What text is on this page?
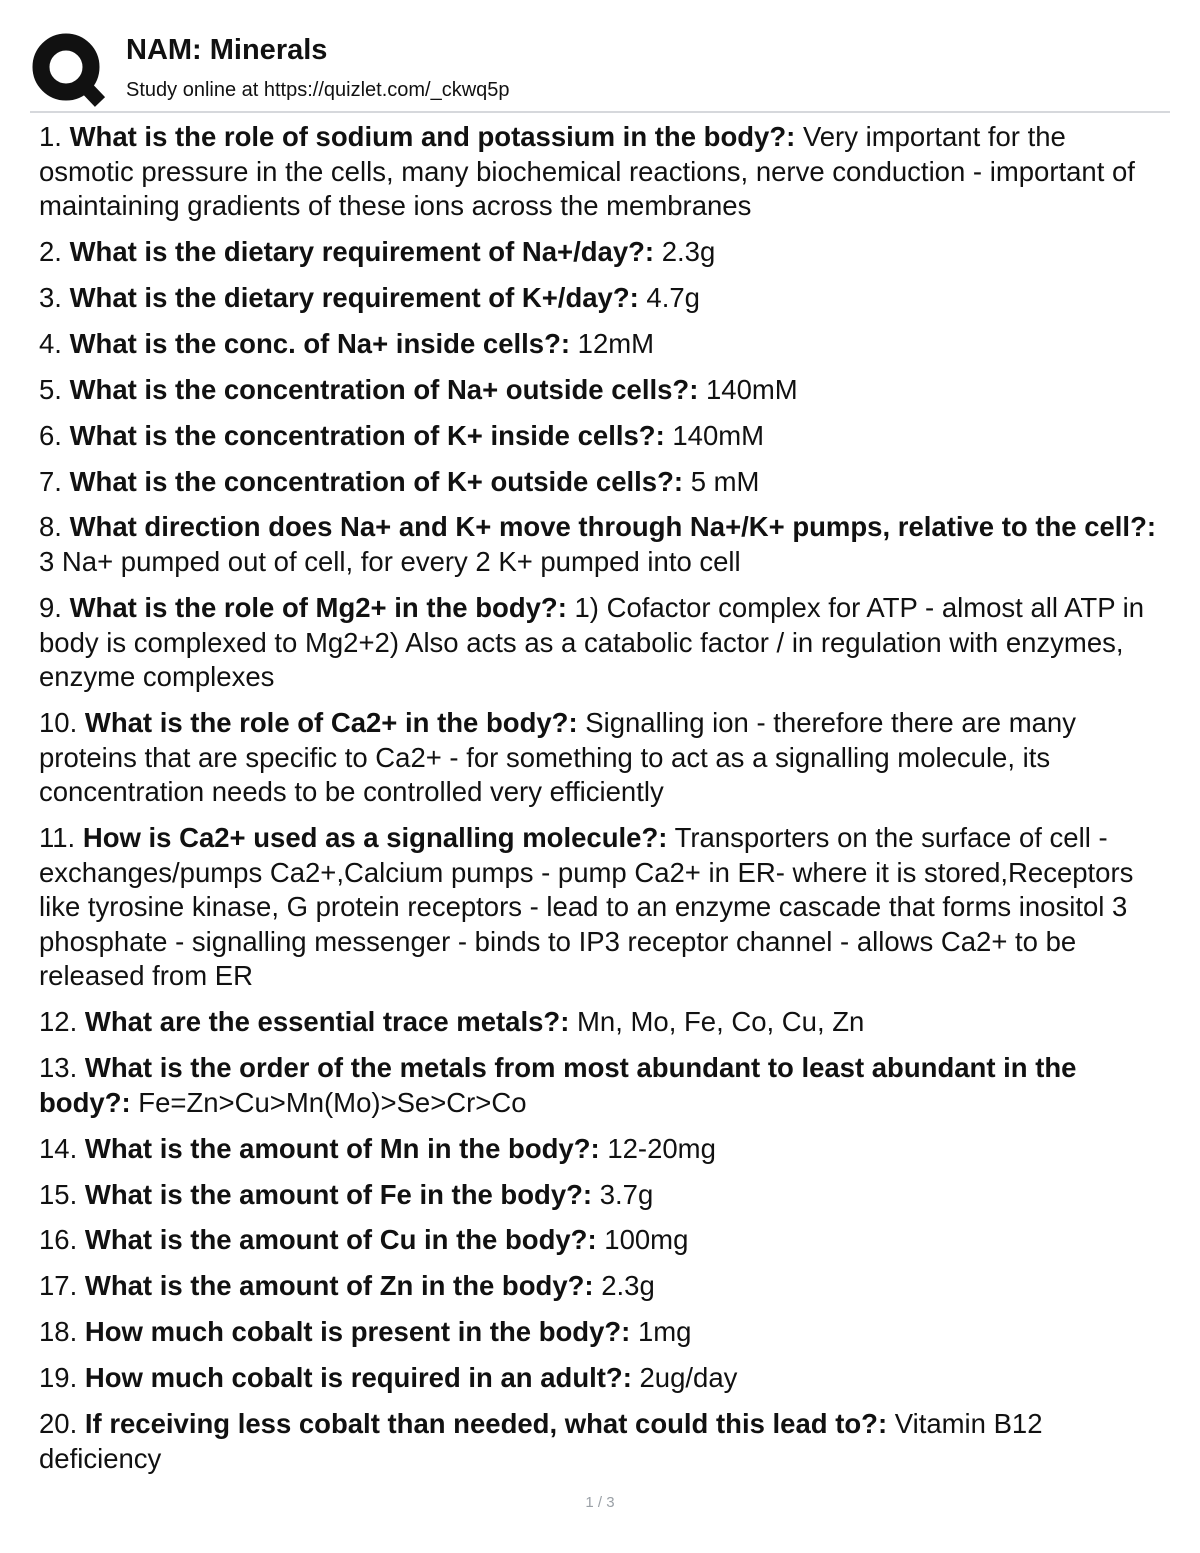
NAM: Minerals
Study online at https://quizlet.com/_ckwq5p
1. What is the role of sodium and potassium in the body?: Very important for the osmotic pressure in the cells, many biochemical reactions, nerve conduction - important of maintaining gradients of these ions across the membranes
2. What is the dietary requirement of Na+/day?: 2.3g
3. What is the dietary requirement of K+/day?: 4.7g
4. What is the conc. of Na+ inside cells?: 12mM
5. What is the concentration of Na+ outside cells?: 140mM
6. What is the concentration of K+ inside cells?: 140mM
7. What is the concentration of K+ outside cells?: 5 mM
8. What direction does Na+ and K+ move through Na+/K+ pumps, relative to the cell?: 3 Na+ pumped out of cell, for every 2 K+ pumped into cell
9. What is the role of Mg2+ in the body?: 1) Cofactor complex for ATP - almost all ATP in body is complexed to Mg2+2) Also acts as a catabolic factor / in regulation with enzymes, enzyme complexes
10. What is the role of Ca2+ in the body?: Signalling ion - therefore there are many proteins that are specific to Ca2+ - for something to act as a signalling molecule, its concentration needs to be controlled very efficiently
11. How is Ca2+ used as a signalling molecule?: Transporters on the surface of cell - exchanges/pumps Ca2+,Calcium pumps - pump Ca2+ in ER- where it is stored,Receptors like tyrosine kinase, G protein receptors - lead to an enzyme cascade that forms inositol 3 phosphate - signalling messenger - binds to IP3 receptor channel - allows Ca2+ to be released from ER
12. What are the essential trace metals?: Mn, Mo, Fe, Co, Cu, Zn
13. What is the order of the metals from most abundant to least abundant in the body?: Fe=Zn>Cu>Mn(Mo)>Se>Cr>Co
14. What is the amount of Mn in the body?: 12-20mg
15. What is the amount of Fe in the body?: 3.7g
16. What is the amount of Cu in the body?: 100mg
17. What is the amount of Zn in the body?: 2.3g
18. How much cobalt is present in the body?: 1mg
19. How much cobalt is required in an adult?: 2ug/day
20. If receiving less cobalt than needed, what could this lead to?: Vitamin B12 deficiency
1 / 3
